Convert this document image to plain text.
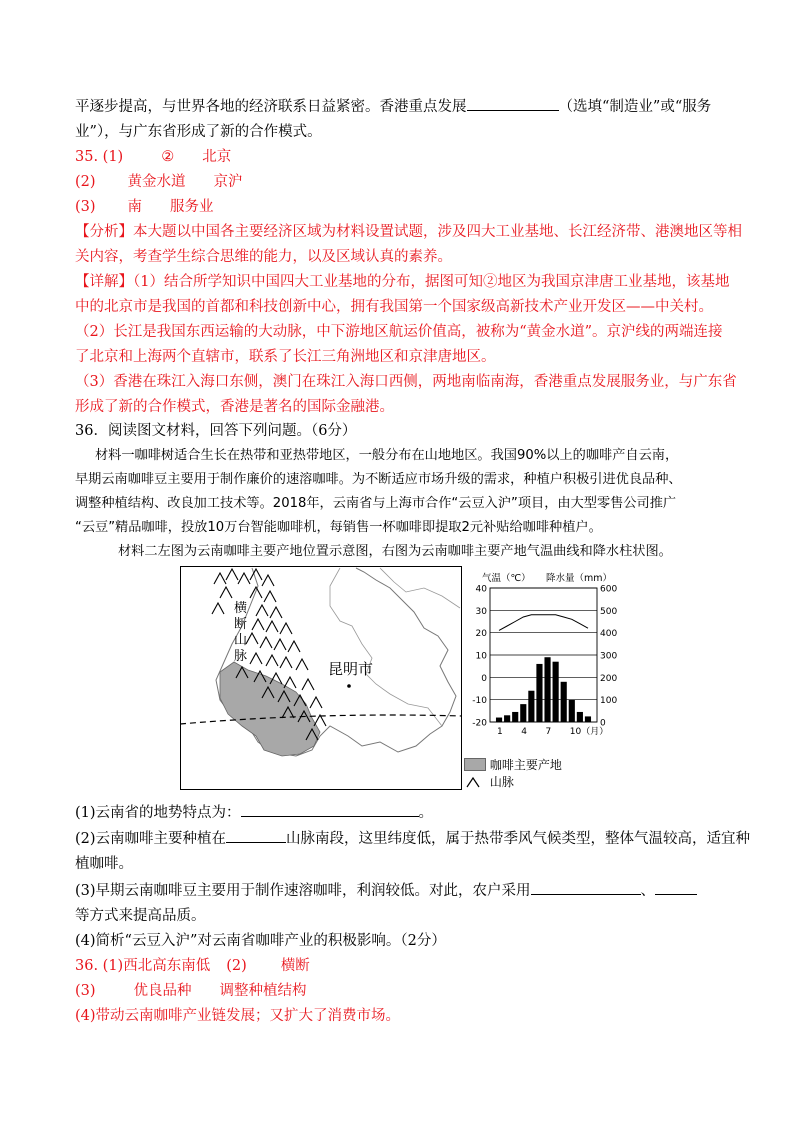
平逐步提高，与世界各地的经济联系日益紧密。香港重点发展	（选填“制造业”或“服务
业”），与广东省形成了新的合作模式。
35. (1)	② 北京
(2) 黄金水道 京沪
(3) 南 服务业
【分析】本大题以中国各主要经济区域为材料设置试题，涉及四大工业基地、长江经济带、港澳地区等相
关内容，考查学生综合思维的能力，以及区域认真的素养。
【详解】（1）结合所学知识中国四大工业基地的分布，据图可知②地区为我国京津唐工业基地，该基地
中的北京市是我国的首都和科技创新中心，拥有我国第一个国家级高新技术产业开发区——中关村。
（2）长江是我国东西运输的大动脉，中下游地区航运价值高，被称为“黄金水道”。京沪线的两端连接
了北京和上海两个直辖市，联系了长江三角洲地区和京津唐地区。
（3）香港在珠江入海口东侧，澳门在珠江入海口西侧，两地南临南海，香港重点发展服务业，与广东省
形成了新的合作模式，香港是著名的国际金融港。
36．阅读图文材料，回答下列问题。（6分）
材料一咖啡树适合生长在热带和亚热带地区，一般分布在山地地区。我国90%以上的咖啡产自云南，
早期云南咖啡豆主要用于制作廉价的速溶咖啡。为不断适应市场升级的需求，种植户积极引进优良品种、
调整种植结构、改良加工技术等。2018年，云南省与上海市合作“云豆入沪”项目，由大型零售公司推广
“云豆”精品咖啡，投放10万台智能咖啡机，每销售一杯咖啡即提取2元补贴给咖啡种植户。
材料二左图为云南咖啡主要产地位置示意图，右图为云南咖啡主要产地气温曲线和降水柱状图。
横
断
山
脉
昆明市
气温（℃） 降水量（mm）
40	600
30	500
20	400
10	300
0	200
-10	100
-20	0
1 4 7 10（月）
咖啡主要产地
山脉
(1)云南省的地势特点为：	。
(2)云南咖啡主要种植在	山脉南段，这里纬度低，属于热带季风气候类型，整体气温较高，适宜种
植咖啡。
(3)早期云南咖啡豆主要用于制作速溶咖啡，利润较低。对此，农户采用	、
等方式来提高品质。
(4)简析“云豆入沪”对云南省咖啡产业的积极影响。（2分）
36. (1)西北高东南低 (2) 横断
(3)	优良品种 调整种植结构
(4)带动云南咖啡产业链发展；又扩大了消费市场。
